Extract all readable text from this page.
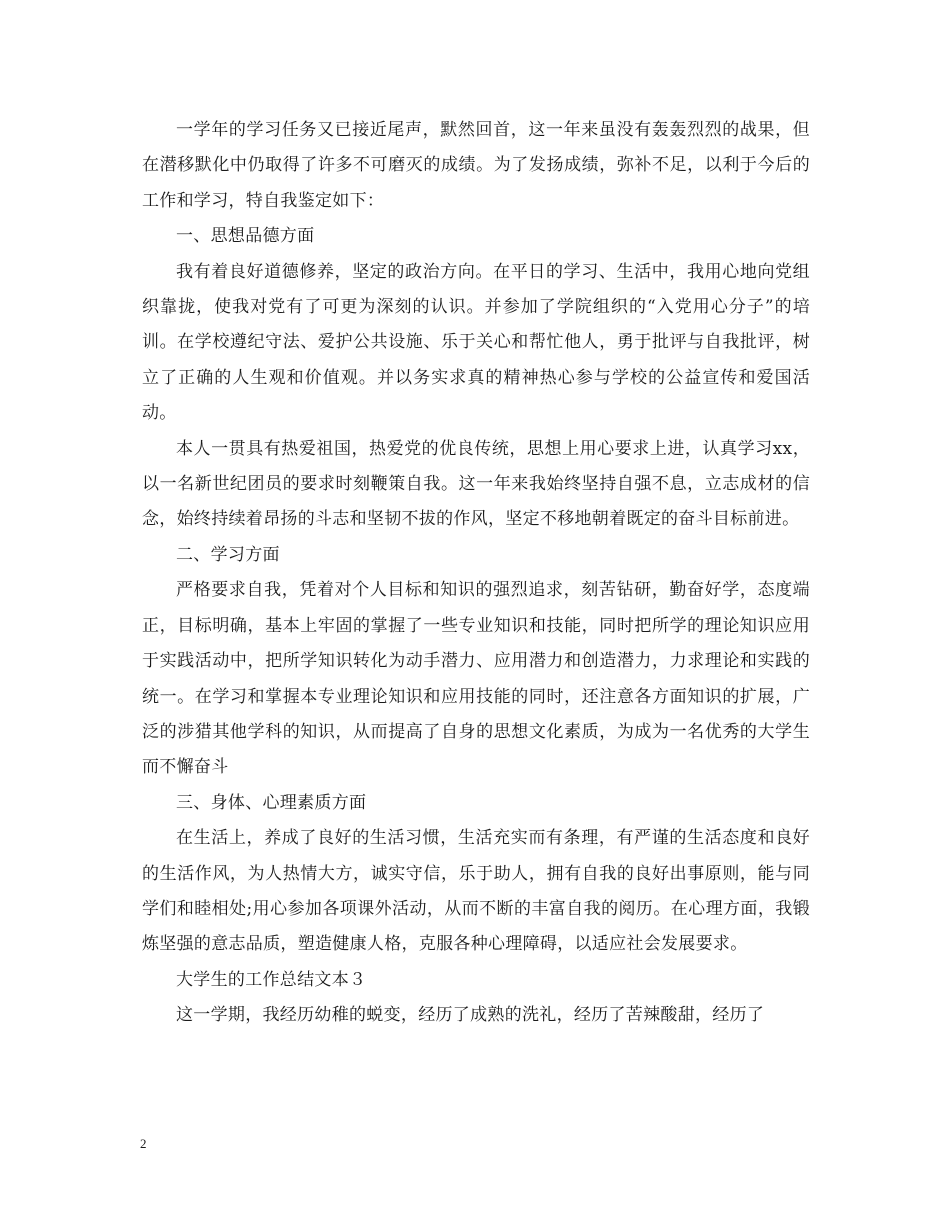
一学年的学习任务又已接近尾声，默然回首，这一年来虽没有轰轰烈烈的战果，但在潜移默化中仍取得了许多不可磨灭的成绩。为了发扬成绩，弥补不足，以利于今后的工作和学习，特自我鉴定如下：

一、思想品德方面

我有着良好道德修养，坚定的政治方向。在平日的学习、生活中，我用心地向党组织靠拢，使我对党有了可更为深刻的认识。并参加了学院组织的“入党用心分子”的培训。在学校遵纪守法、爱护公共设施、乐于关心和帮忙他人，勇于批评与自我批评，树立了正确的人生观和价值观。并以务实求真的精神热心参与学校的公益宣传和爱国活动。

本人一贯具有热爱祖国，热爱党的优良传统，思想上用心要求上进，认真学习xx，以一名新世纪团员的要求时刻鞭策自我。这一年来我始终坚持自强不息，立志成材的信念，始终持续着昂扬的斗志和坚韧不拔的作风，坚定不移地朝着既定的奋斗目标前进。

二、学习方面

严格要求自我，凭着对个人目标和知识的强烈追求，刻苦钻研，勤奋好学，态度端正，目标明确，基本上牢固的掌握了一些专业知识和技能，同时把所学的理论知识应用于实践活动中，把所学知识转化为动手潜力、应用潜力和创造潜力，力求理论和实践的统一。在学习和掌握本专业理论知识和应用技能的同时，还注意各方面知识的扩展，广泛的涉猎其他学科的知识，从而提高了自身的思想文化素质，为成为一名优秀的大学生而不懈奋斗

三、身体、心理素质方面

在生活上，养成了良好的生活习惯，生活充实而有条理，有严谨的生活态度和良好的生活作风，为人热情大方，诚实守信，乐于助人，拥有自我的良好出事原则，能与同学们和睦相处;用心参加各项课外活动，从而不断的丰富自我的阅历。在心理方面，我锻炼坚强的意志品质，塑造健康人格，克服各种心理障碍，以适应社会发展要求。

大学生的工作总结文本３

这一学期，我经历幼稚的蜕变，经历了成熟的洗礼，经历了苦辣酸甜，经历了

2
